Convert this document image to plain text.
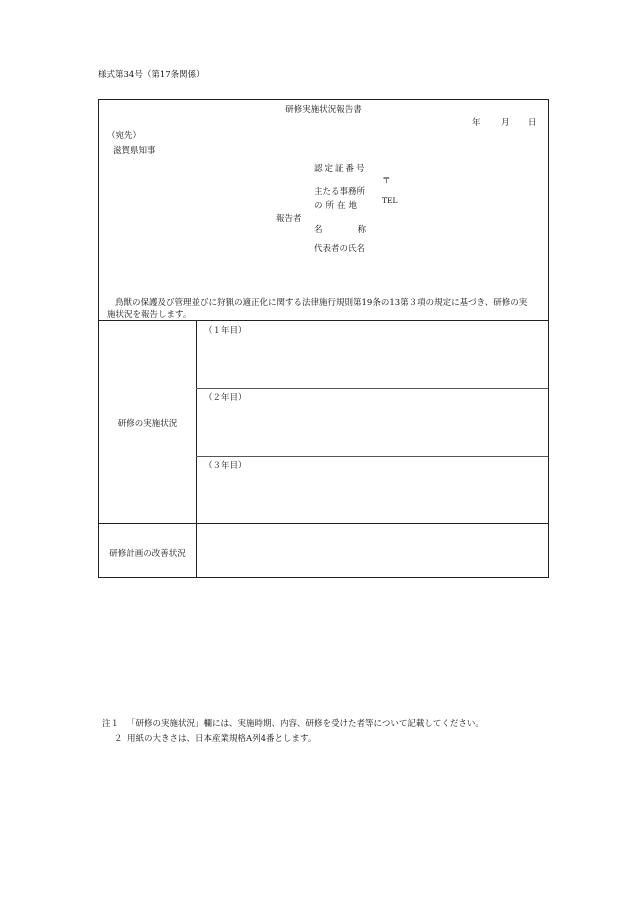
様式第34号（第17条関係）
研修実施状況報告書
年 月 日
（宛先）
滋賀県知事
報告者
認定証番号
主たる事務所
の所在地
〒
TEL
名称
代表者の氏名
鳥獣の保護及び管理並びに狩猟の適正化に関する法律施行規則第19条の13第３項の規定に基づき、研修の実
施状況を報告します。
研修の実施状況
（１年目）
（２年目）
（３年目）
研修計画の改善状況
注１ 「研修の実施状況」欄には、実施時期、内容、研修を受けた者等について記載してください。
２ 用紙の大きさは、日本産業規格A列4番とします。
